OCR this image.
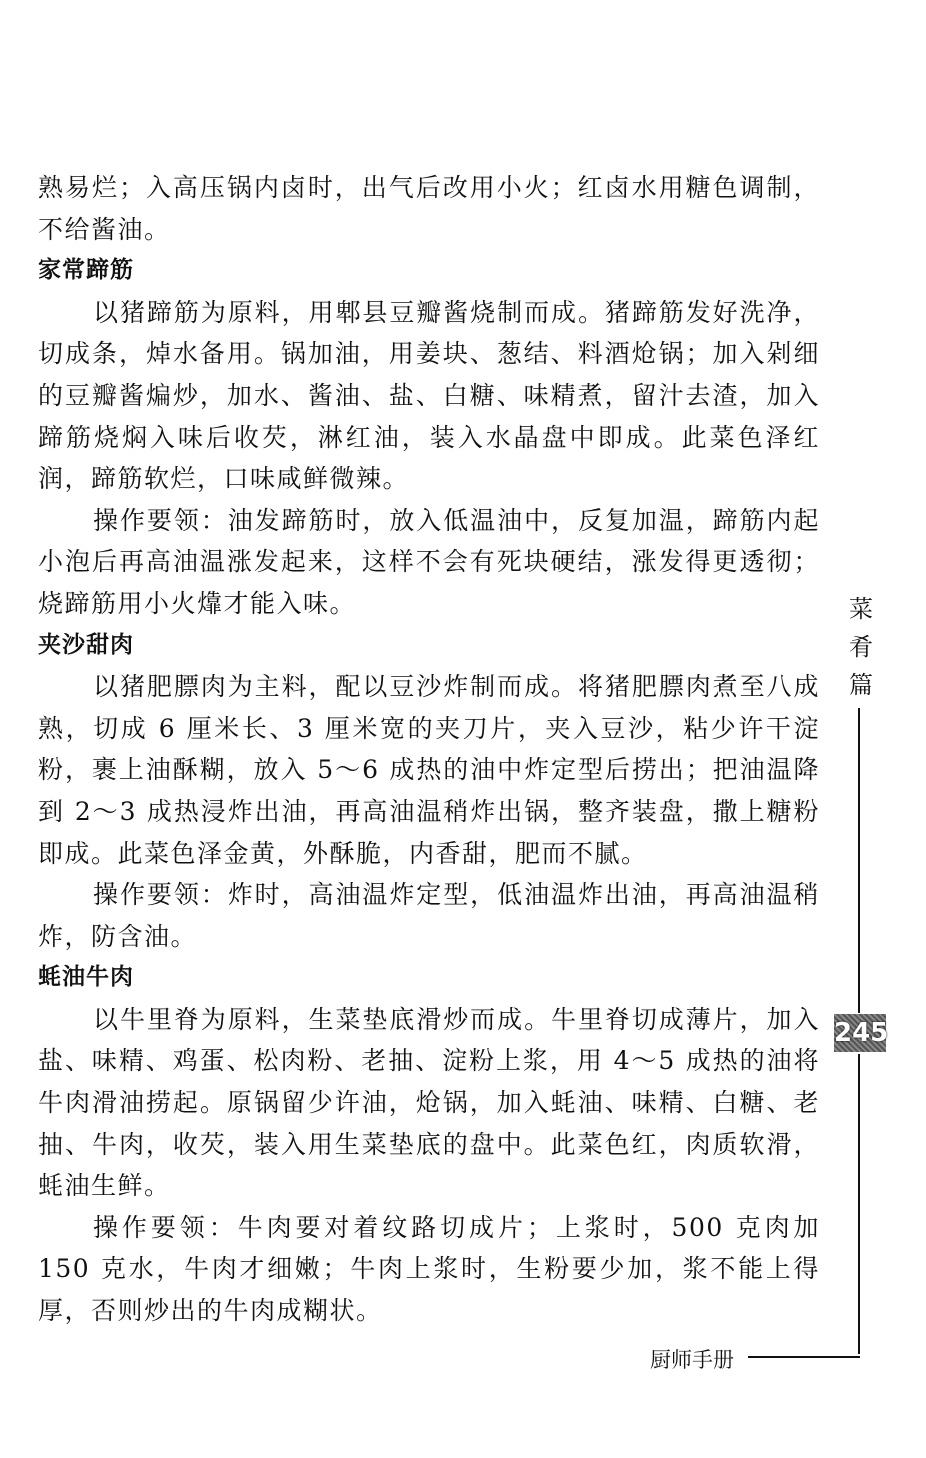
熟易烂；入高压锅内卤时，出气后改用小火；红卤水用糖色调制，不给酱油。

家常蹄筋

以猪蹄筋为原料，用郫县豆瓣酱烧制而成。猪蹄筋发好洗净，切成条，焯水备用。锅加油，用姜块、葱结、料酒炝锅；加入剁细的豆瓣酱煸炒，加水、酱油、盐、白糖、味精煮，留汁去渣，加入蹄筋烧焖入味后收芡，淋红油，装入水晶盘中即成。此菜色泽红润，蹄筋软烂，口味咸鲜微辣。

操作要领：油发蹄筋时，放入低温油中，反复加温，蹄筋内起小泡后再高油温涨发起来，这样不会有死块硬结，涨发得更透彻；烧蹄筋用小火㸆才能入味。

夹沙甜肉

以猪肥膘肉为主料，配以豆沙炸制而成。将猪肥膘肉煮至八成熟，切成 6 厘米长、3 厘米宽的夹刀片，夹入豆沙，粘少许干淀粉，裹上油酥糊，放入 5～6 成热的油中炸定型后捞出；把油温降到 2～3 成热浸炸出油，再高油温稍炸出锅，整齐装盘，撒上糖粉即成。此菜色泽金黄，外酥脆，内香甜，肥而不腻。

操作要领：炸时，高油温炸定型，低油温炸出油，再高油温稍炸，防含油。

蚝油牛肉

以牛里脊为原料，生菜垫底滑炒而成。牛里脊切成薄片，加入盐、味精、鸡蛋、松肉粉、老抽、淀粉上浆，用 4～5 成热的油将牛肉滑油捞起。原锅留少许油，炝锅，加入蚝油、味精、白糖、老抽、牛肉，收芡，装入用生菜垫底的盘中。此菜色红，肉质软滑，蚝油生鲜。

操作要领：牛肉要对着纹路切成片；上浆时，500 克肉加 150 克水，牛肉才细嫩；牛肉上浆时，生粉要少加，浆不能上得厚，否则炒出的牛肉成糊状。

菜
肴
篇
245
厨师手册
